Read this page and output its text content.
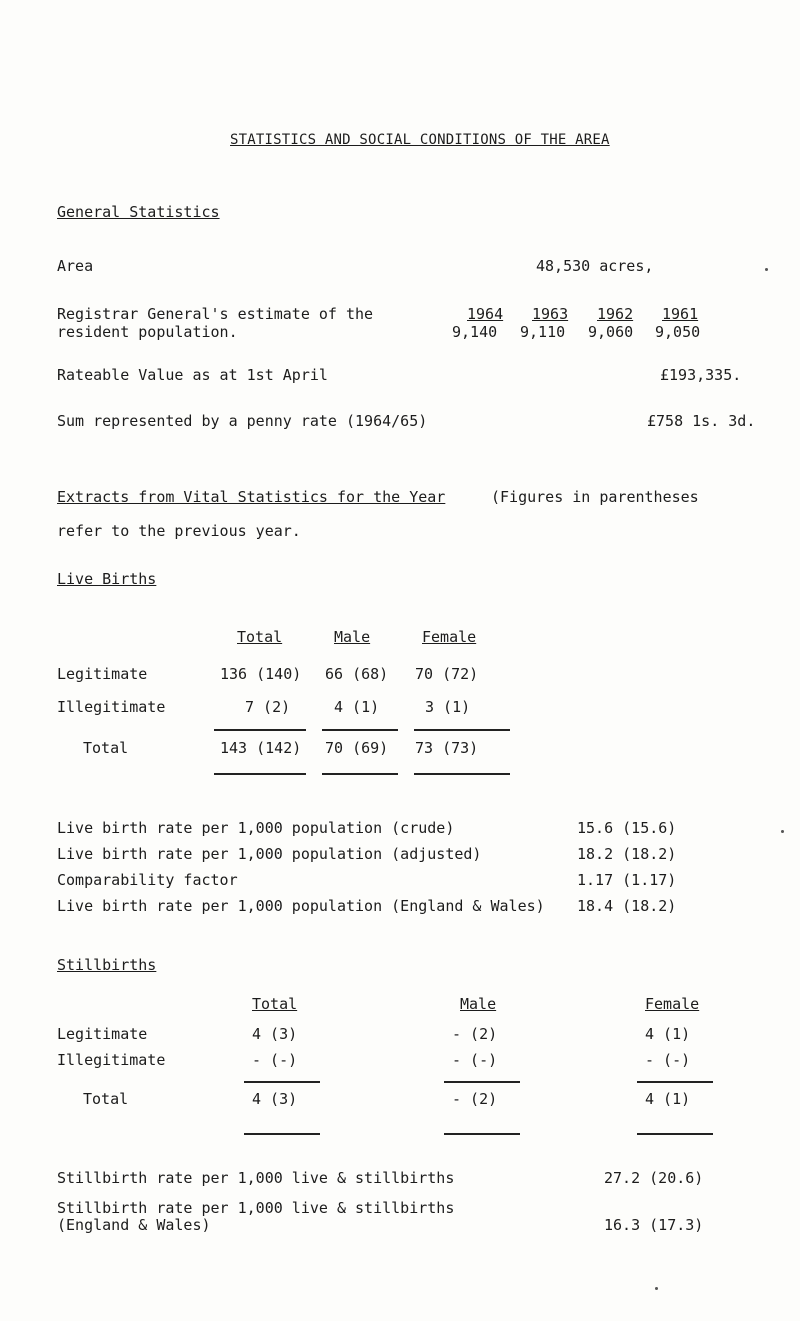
STATISTICS AND SOCIAL CONDITIONS OF THE AREA
General Statistics
Area	48,530 acres,
Registrar General's estimate of the
resident population.
1964 1963 1962 1961
9,140 9,110 9,060 9,050
Rateable Value as at 1st April	£193,335.
Sum represented by a penny rate (1964/65)	£758 1s. 3d.
Extracts from Vital Statistics for the Year	(Figures in parentheses
refer to the previous year.
Live Births
Total	Male	Female
Legitimate	136 (140) 66 (68) 70 (72)
Illegitimate	7 (2)	4 (1)	3 (1)
Total	143 (142) 70 (69) 73 (73)
Live birth rate per 1,000 population (crude)	15.6 (15.6)
Live birth rate per 1,000 population (adjusted)	18.2 (18.2)
Comparability factor	1.17 (1.17)
Live birth rate per 1,000 population (England & Wales) 18.4 (18.2)
Stillbirths
Total	Male	Female
Legitimate	4 (3)	- (2)	4 (1)
Illegitimate	- (-)	- (-)	- (-)
Total	4 (3)	- (2)	4 (1)
Stillbirth rate per 1,000 live & stillbirths	27.2 (20.6)
Stillbirth rate per 1,000 live & stillbirths
(England & Wales)	16.3 (17.3)
